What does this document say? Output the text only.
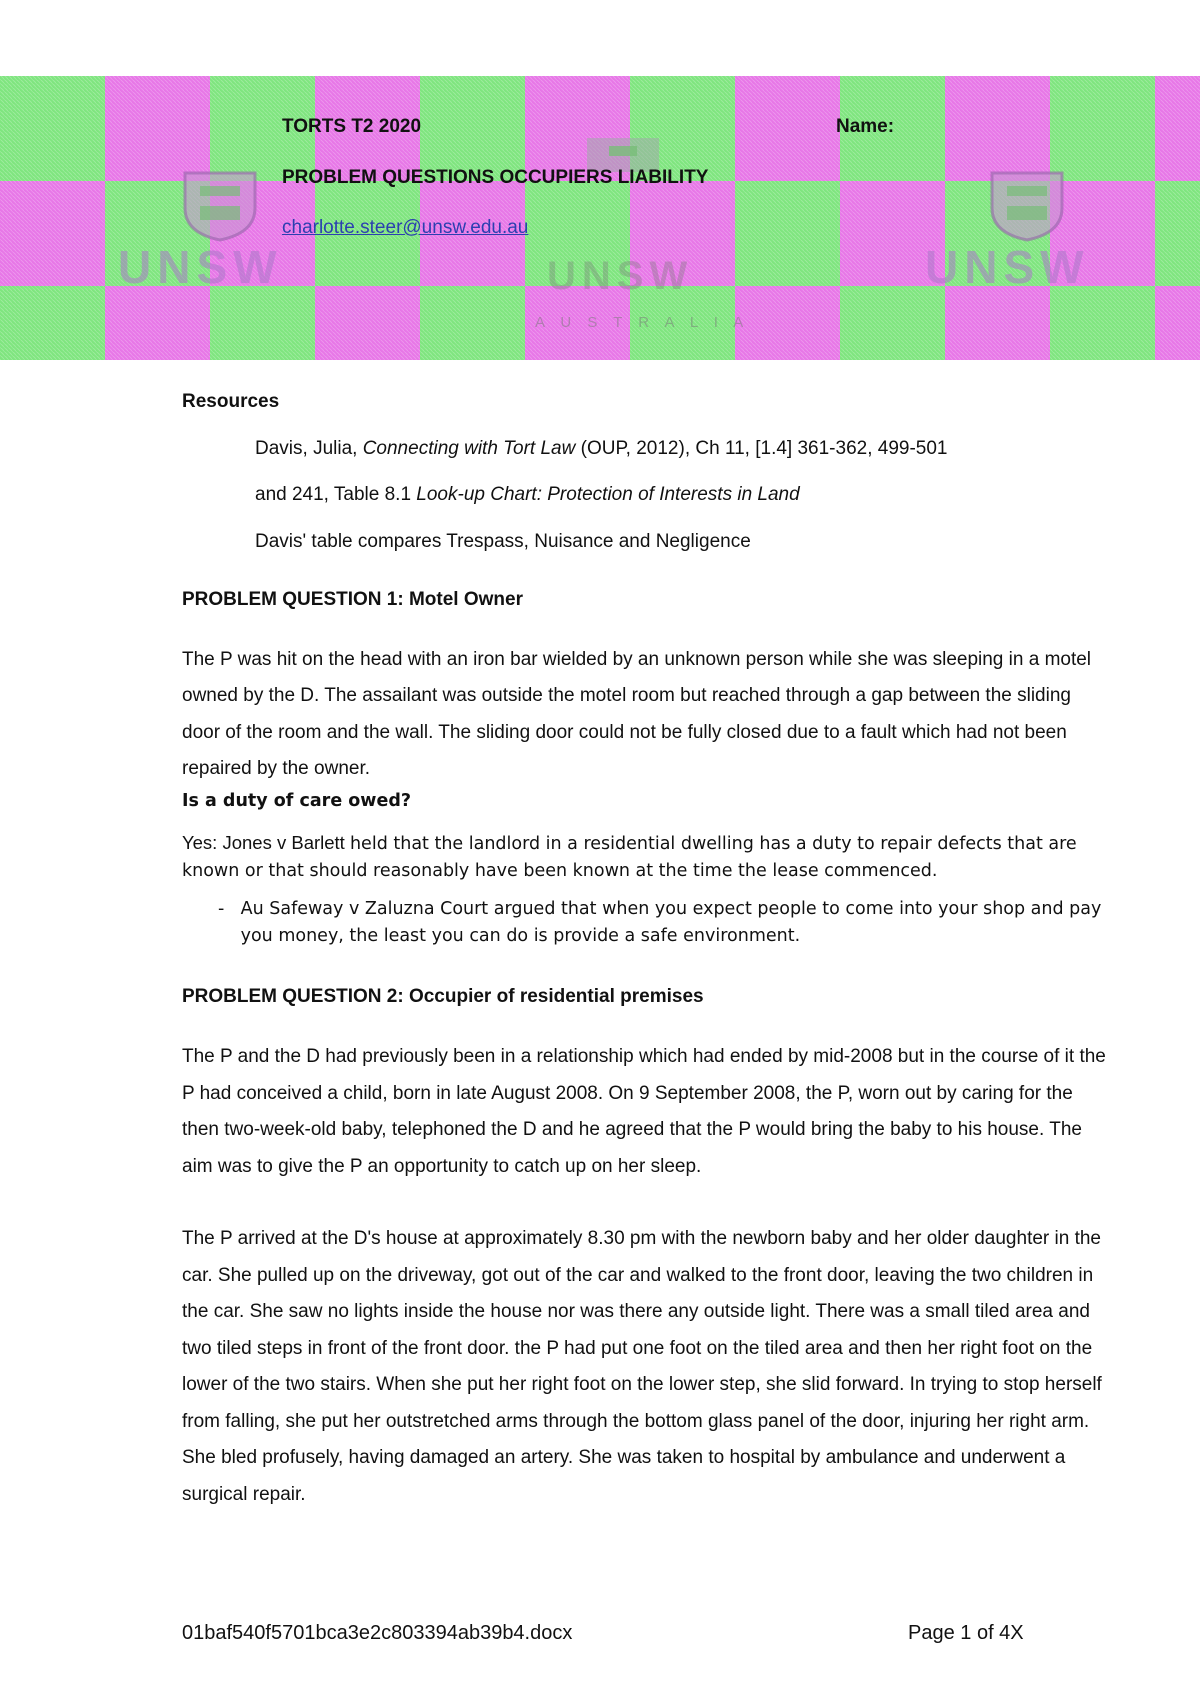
UNSW	UNSW
A U S T R A L I A
UNSW
TORTS T2 2020	Name:
PROBLEM QUESTIONS OCCUPIERS LIABILITY
charlotte.steer@unsw.edu.au

Resources

Davis, Julia, Connecting with Tort Law (OUP, 2012), Ch 11, [1.4] 361-362, 499-501

and 241, Table 8.1 Look-up Chart: Protection of Interests in Land

Davis' table compares Trespass, Nuisance and Negligence

PROBLEM QUESTION 1: Motel Owner

The P was hit on the head with an iron bar wielded by an unknown person while she was sleeping in a motel owned by the D. The assailant was outside the motel room but reached through a gap between the sliding door of the room and the wall. The sliding door could not be fully closed due to a fault which had not been repaired by the owner.

Is a duty of care owed?

Yes: Jones v Barlett held that the landlord in a residential dwelling has a duty to repair defects that are known or that should reasonably have been known at the time the lease commenced.

- Au Safeway v Zaluzna Court argued that when you expect people to come into your shop and pay you money, the least you can do is provide a safe environment.

PROBLEM QUESTION 2: Occupier of residential premises

The P and the D had previously been in a relationship which had ended by mid-2008 but in the course of it the P had conceived a child, born in late August 2008. On 9 September 2008, the P, worn out by caring for the then two-week-old baby, telephoned the D and he agreed that the P would bring the baby to his house. The aim was to give the P an opportunity to catch up on her sleep.

The P arrived at the D's house at approximately 8.30 pm with the newborn baby and her older daughter in the car. She pulled up on the driveway, got out of the car and walked to the front door, leaving the two children in the car. She saw no lights inside the house nor was there any outside light. There was a small tiled area and two tiled steps in front of the front door. the P had put one foot on the tiled area and then her right foot on the lower of the two stairs. When she put her right foot on the lower step, she slid forward. In trying to stop herself from falling, she put her outstretched arms through the bottom glass panel of the door, injuring her right arm. She bled profusely, having damaged an artery. She was taken to hospital by ambulance and underwent a surgical repair.

01baf540f5701bca3e2c803394ab39b4.docx	Page 1 of 4X
